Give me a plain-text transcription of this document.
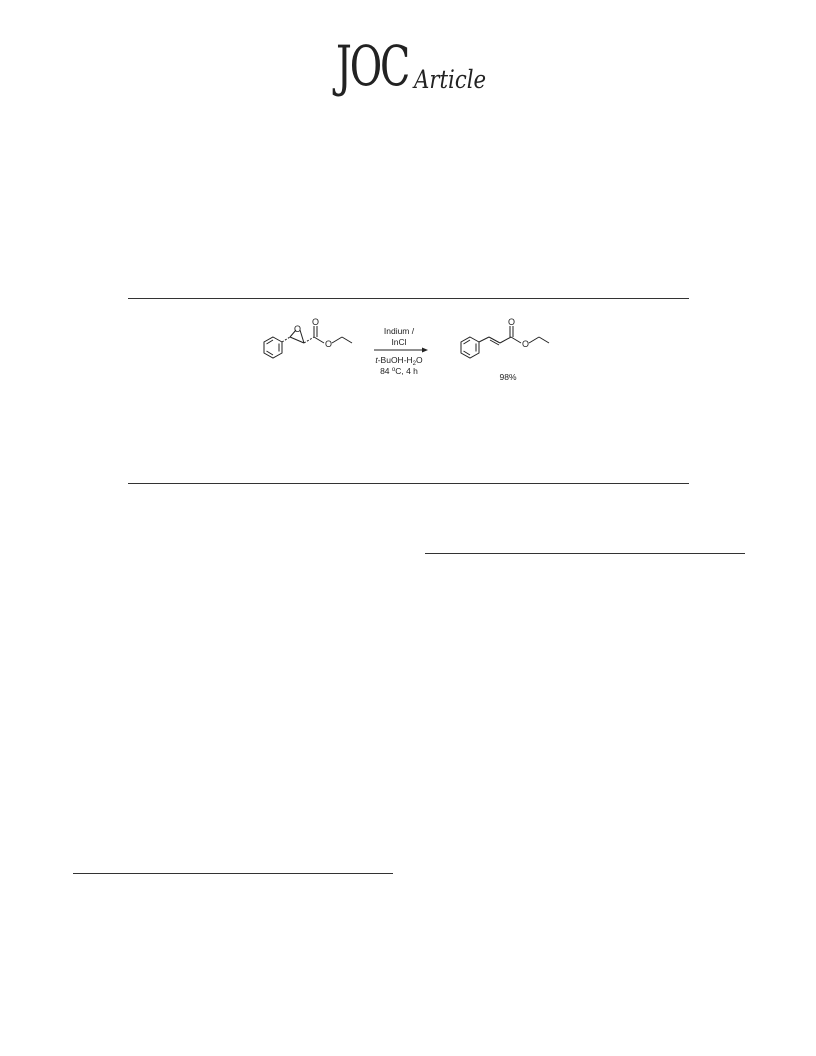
JOC Article
O
O
O
Indium /
InCl
$t-BuOH-H_2O$
84 $^o$C, 4 h
O
O
98%
